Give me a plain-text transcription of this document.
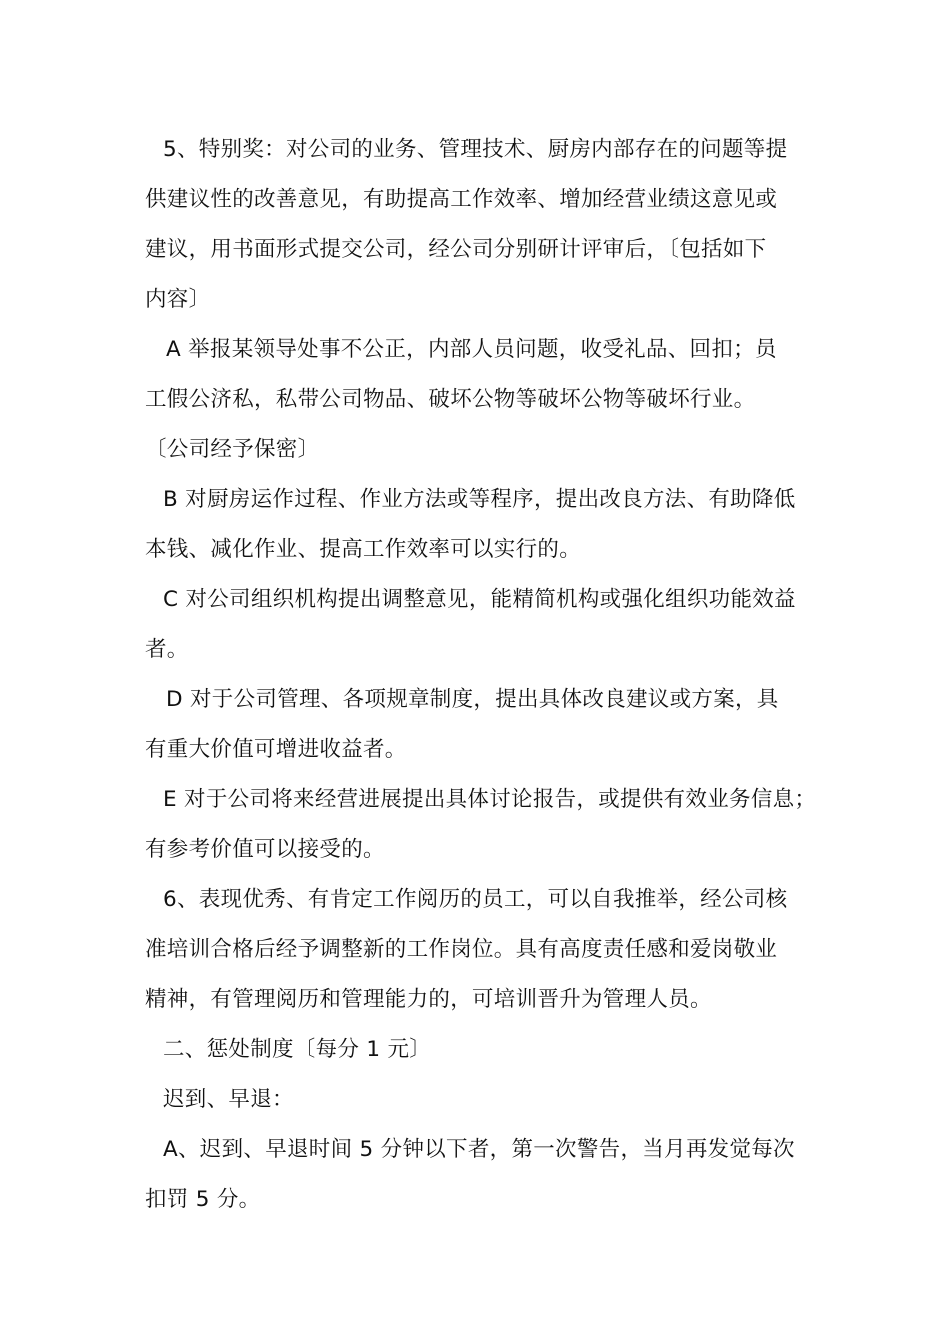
5、特别奖：对公司的业务、管理技术、厨房内部存在的问题等提
供建议性的改善意见，有助提高工作效率、增加经营业绩这意见或
建议，用书面形式提交公司，经公司分别研计评审后，〔包括如下
内容〕
A 举报某领导处事不公正，内部人员问题，收受礼品、回扣；员
工假公济私，私带公司物品、破坏公物等破坏公物等破坏行业。
〔公司经予保密〕
B 对厨房运作过程、作业方法或等程序，提出改良方法、有助降低
本钱、减化作业、提高工作效率可以实行的。
C 对公司组织机构提出调整意见，能精简机构或强化组织功能效益
者。
D 对于公司管理、各项规章制度，提出具体改良建议或方案，具
有重大价值可增进收益者。
E 对于公司将来经营进展提出具体讨论报告，或提供有效业务信息；
有参考价值可以接受的。
6、表现优秀、有肯定工作阅历的员工，可以自我推举，经公司核
准培训合格后经予调整新的工作岗位。具有高度责任感和爱岗敬业
精神，有管理阅历和管理能力的，可培训晋升为管理人员。
二、惩处制度〔每分 1 元〕
迟到、早退：
A、迟到、早退时间 5 分钟以下者，第一次警告，当月再发觉每次
扣罚 5 分。
